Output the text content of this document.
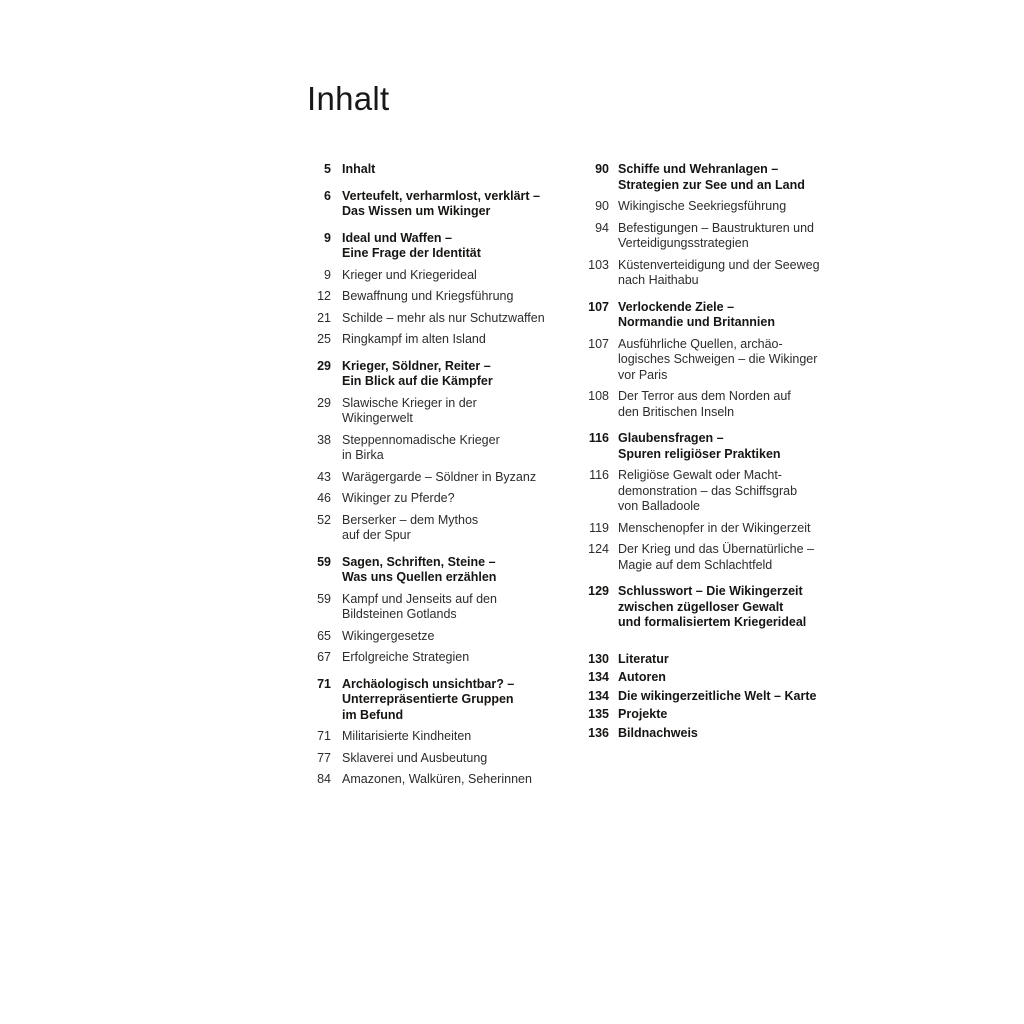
Inhalt
5 Inhalt
6 Verteufelt, verharmlost, verklärt –
Das Wissen um Wikinger
9 Ideal und Waffen –
Eine Frage der Identität
9 Krieger und Kriegerideal
12 Bewaffnung und Kriegsführung
21 Schilde – mehr als nur Schutzwaffen
25 Ringkampf im alten Island
29 Krieger, Söldner, Reiter –
Ein Blick auf die Kämpfer
29 Slawische Krieger in der
Wikingerwelt
38 Steppennomadische Krieger
in Birka
43 Warägergarde – Söldner in Byzanz
46 Wikinger zu Pferde?
52 Berserker – dem Mythos
auf der Spur
59 Sagen, Schriften, Steine –
Was uns Quellen erzählen
59 Kampf und Jenseits auf den
Bildsteinen Gotlands
65 Wikingergesetze
67 Erfolgreiche Strategien
71 Archäologisch unsichtbar? –
Unterrepräsentierte Gruppen
im Befund
71 Militarisierte Kindheiten
77 Sklaverei und Ausbeutung
84 Amazonen, Walküren, Seherinnen
90 Schiffe und Wehranlagen –
Strategien zur See und an Land
90 Wikingische Seekriegsführung
94 Befestigungen – Baustrukturen und
Verteidigungsstrategien
103 Küstenverteidigung und der Seeweg
nach Haithabu
107 Verlockende Ziele –
Normandie und Britannien
107 Ausführliche Quellen, archäo-
logisches Schweigen – die Wikinger
vor Paris
108 Der Terror aus dem Norden auf
den Britischen Inseln
116 Glaubensfragen –
Spuren religiöser Praktiken
116 Religiöse Gewalt oder Macht-
demonstration – das Schiffsgrab
von Balladoole
119 Menschenopfer in der Wikingerzeit
124 Der Krieg und das Übernatürliche –
Magie auf dem Schlachtfeld
129 Schlusswort – Die Wikingerzeit
zwischen zügelloser Gewalt
und formalisiertem Kriegerideal
130 Literatur
134 Autoren
134 Die wikingerzeitliche Welt – Karte
135 Projekte
136 Bildnachweis
